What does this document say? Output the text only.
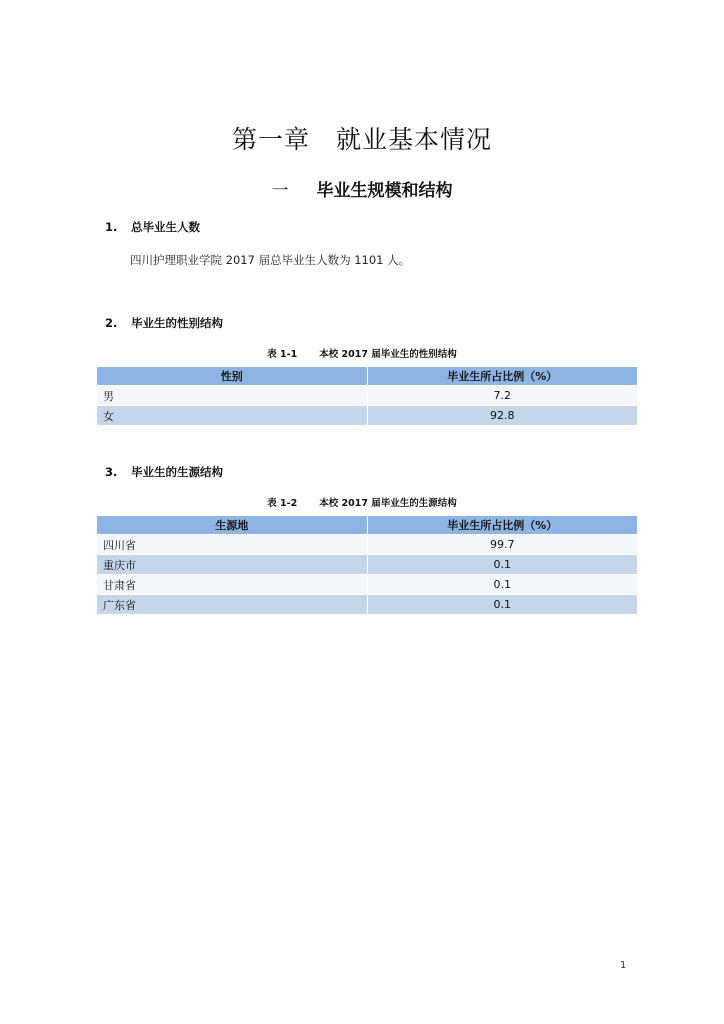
第一章　就业基本情况
一 毕业生规模和结构
1. 总毕业生人数
四川护理职业学院 2017 届总毕业生人数为 1101 人。
2. 毕业生的性别结构
表 1-1 本校 2017 届毕业生的性别结构
性别	毕业生所占比例（%）
男	7.2
女	92.8
3. 毕业生的生源结构
表 1-2 本校 2017 届毕业生的生源结构
生源地	毕业生所占比例（%）
四川省	99.7
重庆市	0.1
甘肃省	0.1
广东省	0.1
1
